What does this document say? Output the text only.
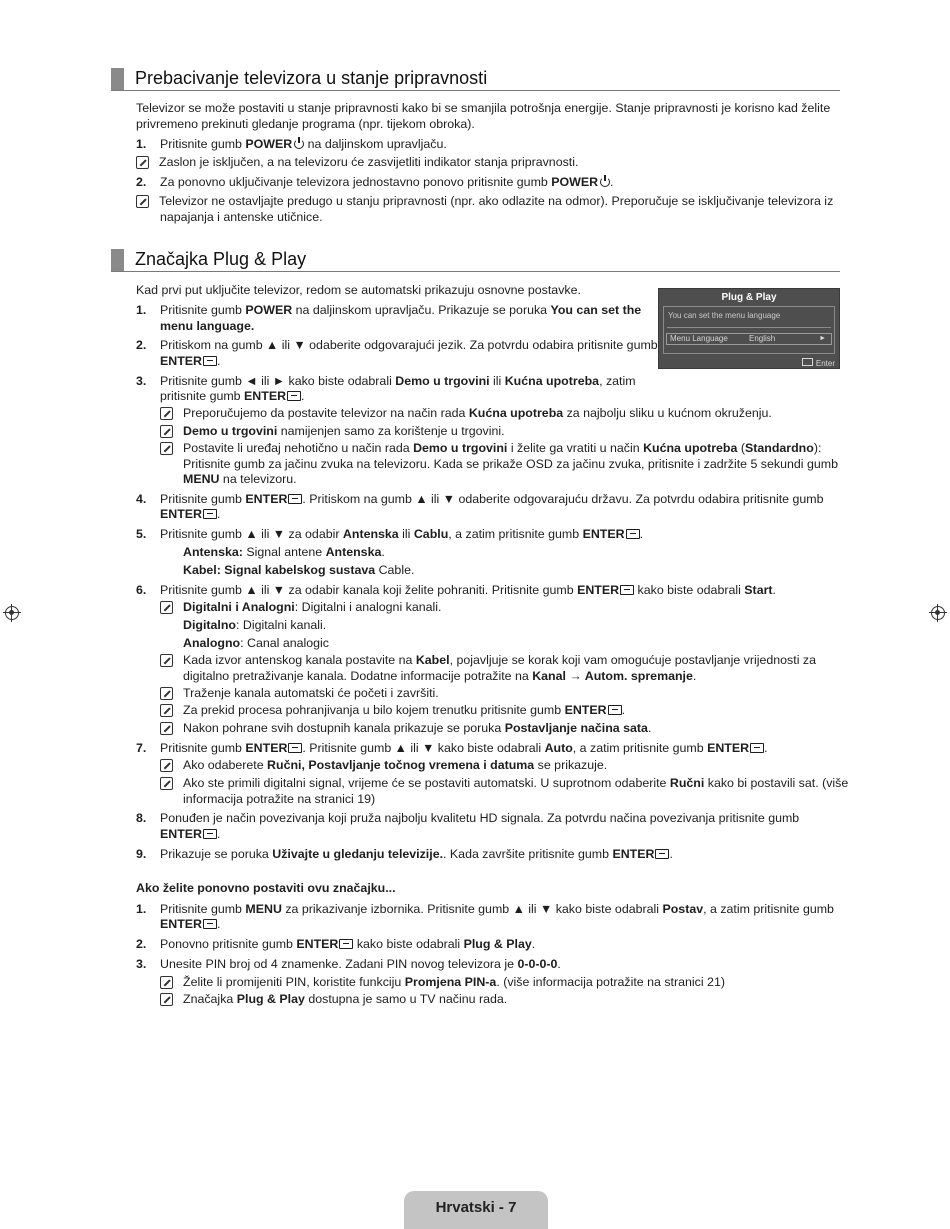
Prebacivanje televizora u stanje pripravnosti
Televizor se može postaviti u stanje pripravnosti kako bi se smanjila potrošnja energije. Stanje pripravnosti je korisno kad želite
privremeno prekinuti gledanje programa (npr. tijekom obroka).
1. Pritisnite gumb POWER na daljinskom upravljaču.
Zaslon je isključen, a na televizoru će zasvijetliti indikator stanja pripravnosti.
2. Za ponovno uključivanje televizora jednostavno ponovo pritisnite gumb POWER .
Televizor ne ostavljajte predugo u stanju pripravnosti (npr. ako odlazite na odmor). Preporučuje se isključivanje televizora iz
napajanja i antenske utičnice.
Značajka Plug & Play
Kad prvi put uključite televizor, redom se automatski prikazuju osnovne postavke.
Plug & Play
You can set the menu language
Menu Language	English	►
Enter
1. Pritisnite gumb POWER na daljinskom upravljaču. Prikazuje se poruka You can set the
menu language.
2. Pritiskom na gumb ▲ ili ▼ odaberite odgovarajući jezik. Za potvrdu odabira pritisnite gumb
ENTER .
3. Pritisnite gumb ◄ ili ► kako biste odabrali Demo u trgovini ili Kućna upotreba, zatim
pritisnite gumb ENTER .
Preporučujemo da postavite televizor na način rada Kućna upotreba za najbolju sliku u kućnom okruženju.
Demo u trgovini namijenjen samo za korištenje u trgovini.
Postavite li uređaj nehotično u način rada Demo u trgovini i želite ga vratiti u način Kućna upotreba (Standardno):
Pritisnite gumb za jačinu zvuka na televizoru. Kada se prikaže OSD za jačinu zvuka, pritisnite i zadržite 5 sekundi gumb
MENU na televizoru.
4. Pritisnite gumb ENTER . Pritiskom na gumb ▲ ili ▼ odaberite odgovarajuću državu. Za potvrdu odabira pritisnite gumb
ENTER .
5. Pritisnite gumb ▲ ili ▼ za odabir Antenska ili Cablu, a zatim pritisnite gumb ENTER .
Antenska: Signal antene Antenska.
Kabel: Signal kabelskog sustava Cable.
6. Pritisnite gumb ▲ ili ▼ za odabir kanala koji želite pohraniti. Pritisnite gumb ENTER kako biste odabrali Start.
Digitalni i Analogni: Digitalni i analogni kanali.
Digitalno: Digitalni kanali.
Analogno: Canal analogic
Kada izvor antenskog kanala postavite na Kabel, pojavljuje se korak koji vam omogućuje postavljanje vrijednosti za
digitalno pretraživanje kanala. Dodatne informacije potražite na Kanal → Autom. spremanje.
Traženje kanala automatski će početi i završiti.
Za prekid procesa pohranjivanja u bilo kojem trenutku pritisnite gumb ENTER .
Nakon pohrane svih dostupnih kanala prikazuje se poruka Postavljanje načina sata.
7. Pritisnite gumb ENTER . Pritisnite gumb ▲ ili ▼ kako biste odabrali Auto, a zatim pritisnite gumb ENTER .
Ako odaberete Ručni, Postavljanje točnog vremena i datuma se prikazuje.
Ako ste primili digitalni signal, vrijeme će se postaviti automatski. U suprotnom odaberite Ručni kako bi postavili sat. (više
informacija potražite na stranici 19)
8. Ponuđen je način povezivanja koji pruža najbolju kvalitetu HD signala. Za potvrdu načina povezivanja pritisnite gumb
ENTER .
9. Prikazuje se poruka Uživajte u gledanju televizije.. Kada završite pritisnite gumb ENTER .
Ako želite ponovno postaviti ovu značajku...
1. Pritisnite gumb MENU za prikazivanje izbornika. Pritisnite gumb ▲ ili ▼ kako biste odabrali Postav, a zatim pritisnite gumb
ENTER .
2. Ponovno pritisnite gumb ENTER kako biste odabrali Plug & Play.
3. Unesite PIN broj od 4 znamenke. Zadani PIN novog televizora je 0-0-0-0.
Želite li promijeniti PIN, koristite funkciju Promjena PIN-a. (više informacija potražite na stranici 21)
Značajka Plug & Play dostupna je samo u TV načinu rada.
Hrvatski - 7
